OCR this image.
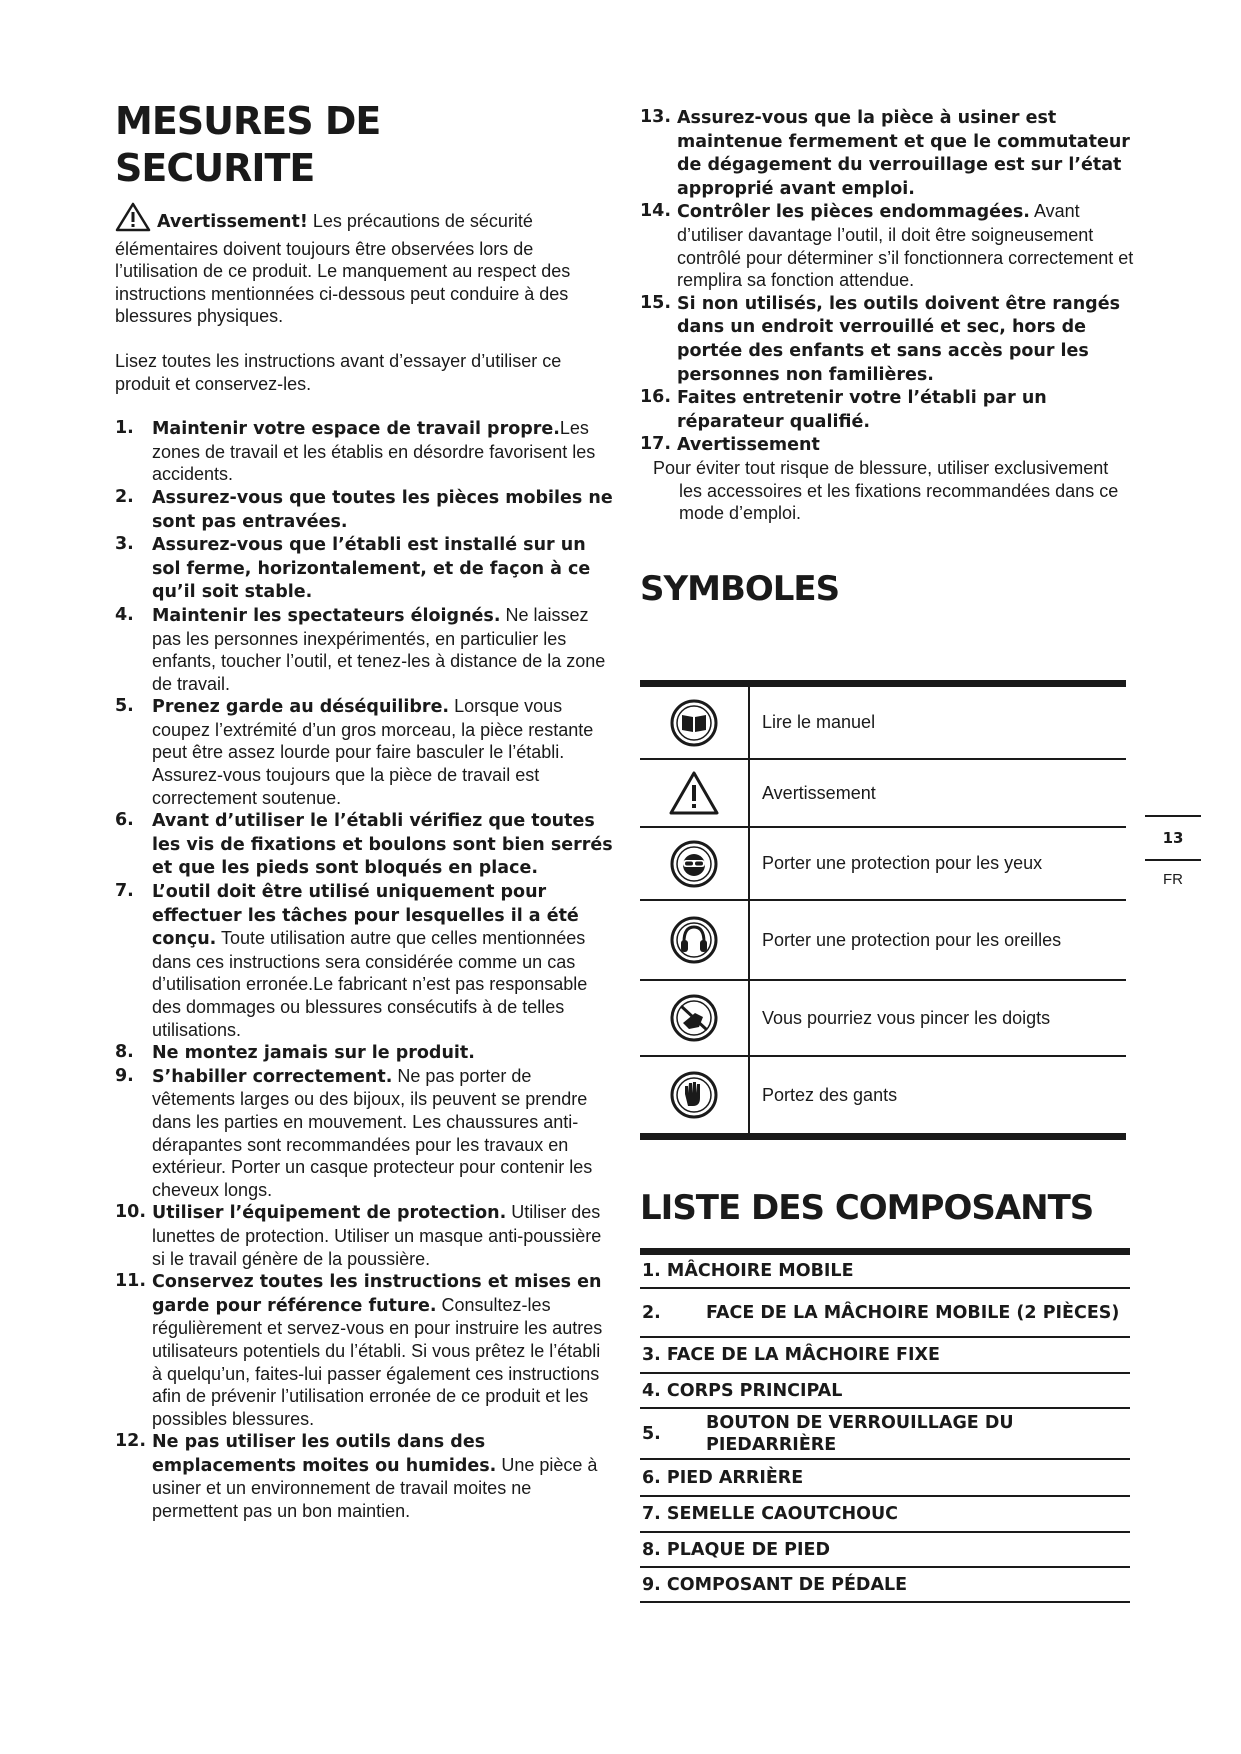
MESURES DE
SECURITE

Avertissement! Les précautions de sécurité élémentaires doivent toujours être observées lors de l’utilisation de ce produit. Le manquement au respect des instructions mentionnées ci-dessous peut conduire à des blessures physiques.

Lisez toutes les instructions avant d’essayer d’utiliser ce produit et conservez-les.

1. Maintenir votre espace de travail propre.Les zones de travail et les établis en désordre favorisent les accidents.
2. Assurez-vous que toutes les pièces mobiles ne sont pas entravées.
3. Assurez-vous que l’établi est installé sur un sol ferme, horizontalement, et de façon à ce qu’il soit stable.
4. Maintenir les spectateurs éloignés. Ne laissez pas les personnes inexpérimentés, en particulier les enfants, toucher l’outil, et tenez-les à distance de la zone de travail.
5. Prenez garde au déséquilibre. Lorsque vous coupez l’extrémité d’un gros morceau, la pièce restante peut être assez lourde pour faire basculer le l’établi. Assurez-vous toujours que la pièce de travail est correctement soutenue.
6. Avant d’utiliser le l’établi vérifiez que toutes les vis de fixations et boulons sont bien serrés et que les pieds sont bloqués en place.
7. L’outil doit être utilisé uniquement pour effectuer les tâches pour lesquelles il a été conçu. Toute utilisation autre que celles mentionnées dans ces instructions sera considérée comme un cas d’utilisation erronée.Le fabricant n’est pas responsable des dommages ou blessures consécutifs à de telles utilisations.
8. Ne montez jamais sur le produit.
9. S’habiller correctement. Ne pas porter de vêtements larges ou des bijoux, ils peuvent se prendre dans les parties en mouvement. Les chaussures anti-dérapantes sont recommandées pour les travaux en extérieur. Porter un casque protecteur pour contenir les cheveux longs.
10. Utiliser l’équipement de protection. Utiliser des lunettes de protection. Utiliser un masque anti-poussière si le travail génère de la poussière.
11. Conservez toutes les instructions et mises en garde pour référence future. Consultez-les régulièrement et servez-vous en pour instruire les autres utilisateurs potentiels du l’établi. Si vous prêtez le l’établi à quelqu’un, faites-lui passer également ces instructions afin de prévenir l’utilisation erronée de ce produit et les possibles blessures.
12. Ne pas utiliser les outils dans des emplacements moites ou humides. Une pièce à usiner et un environnement de travail moites ne permettent pas un bon maintien.
13. Assurez-vous que la pièce à usiner est maintenue fermement et que le commutateur de dégagement du verrouillage est sur l’état approprié avant emploi.
14. Contrôler les pièces endommagées. Avant d’utiliser davantage l’outil, il doit être soigneusement contrôlé pour déterminer s’il fonctionnera correctement et remplira sa fonction attendue.
15. Si non utilisés, les outils doivent être rangés dans un endroit verrouillé et sec, hors de portée des enfants et sans accès pour les personnes non familières.
16. Faites entretenir votre l’établi par un réparateur qualifié.
17. Avertissement

Pour éviter tout risque de blessure, utiliser exclusivement les accessoires et les fixations recommandées dans ce mode d’emploi.

SYMBOLES
Lire le manuel
Avertissement
Porter une protection pour les yeux
Porter une protection pour les oreilles
Vous pourriez vous pincer les doigts
Portez des gants
LISTE DES COMPOSANTS
1.
MÂCHOIRE MOBILE
2.	FACE DE LA MÂCHOIRE MOBILE (2 PIÈCES)
3.
FACE DE LA MÂCHOIRE FIXE
4.
CORPS PRINCIPAL
5.
BOUTON DE VERROUILLAGE DU PIEDARRIÈRE
6.
PIED ARRIÈRE
7.
SEMELLE CAOUTCHOUC
8.
PLAQUE DE PIED
9.
COMPOSANT DE PÉDALE
13
FR
